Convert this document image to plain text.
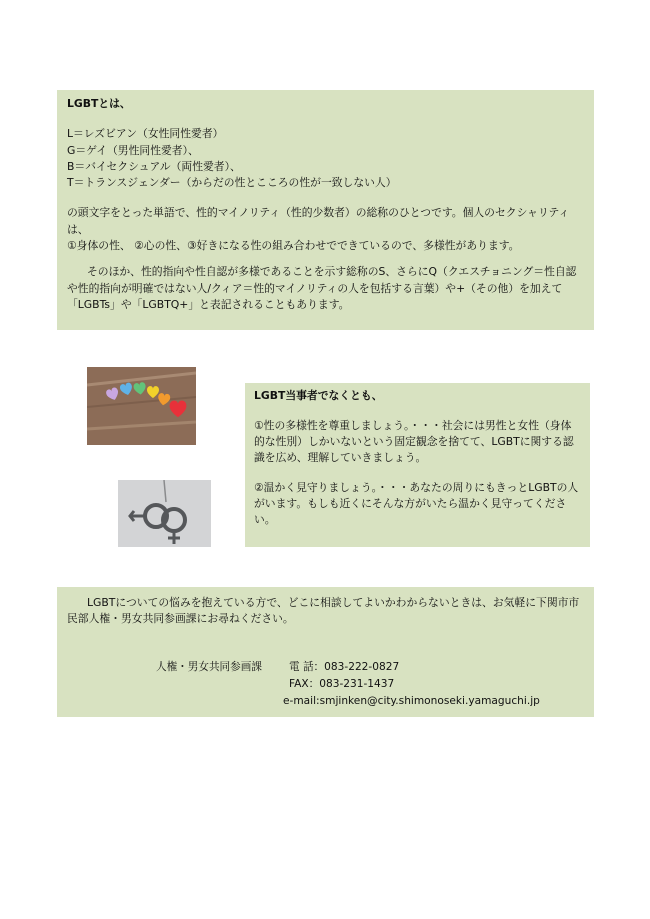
LGBTとは、

L＝レズビアン（女性同性愛者）

G＝ゲイ（男性同性愛者）、

B＝バイセクシュアル（両性愛者）、

T＝トランスジェンダー（からだの性とこころの性が一致しない人）

の頭文字をとった単語で、性的マイノリティ（性的少数者）の総称のひとつです。個人のセクシャリティは、

①身体の性、 ②心の性、③好きになる性の組み合わせでできているので、多様性があります。

そのほか、性的指向や性自認が多様であることを示す総称のS、さらにQ（クエスチョニング＝性自認や性的指向が明確ではない人/クィア＝性的マイノリティの人を包括する言葉）や+（その他）を加えて「LGBTs」や「LGBTQ+」と表記されることもあります。

LGBT当事者でなくとも、

①性の多様性を尊重しましょう。・・・社会には男性と女性（身体的な性別）しかいないという固定観念を捨てて、LGBTに関する認識を広め、理解していきましょう。

②温かく見守りましょう。・・・あなたの周りにもきっとLGBTの人がいます。もしも近くにそんな方がいたら温かく見守ってください。

LGBTについての悩みを抱えている方で、どこに相談してよいかわからないときは、お気軽に下関市市民部人権・男女共同参画課にお尋ねください。

人権・男女共同参画課	電 話：083-222-0827
FAX：083-231-1437
e-mail:smjinken@city.shimonoseki.yamaguchi.jp
